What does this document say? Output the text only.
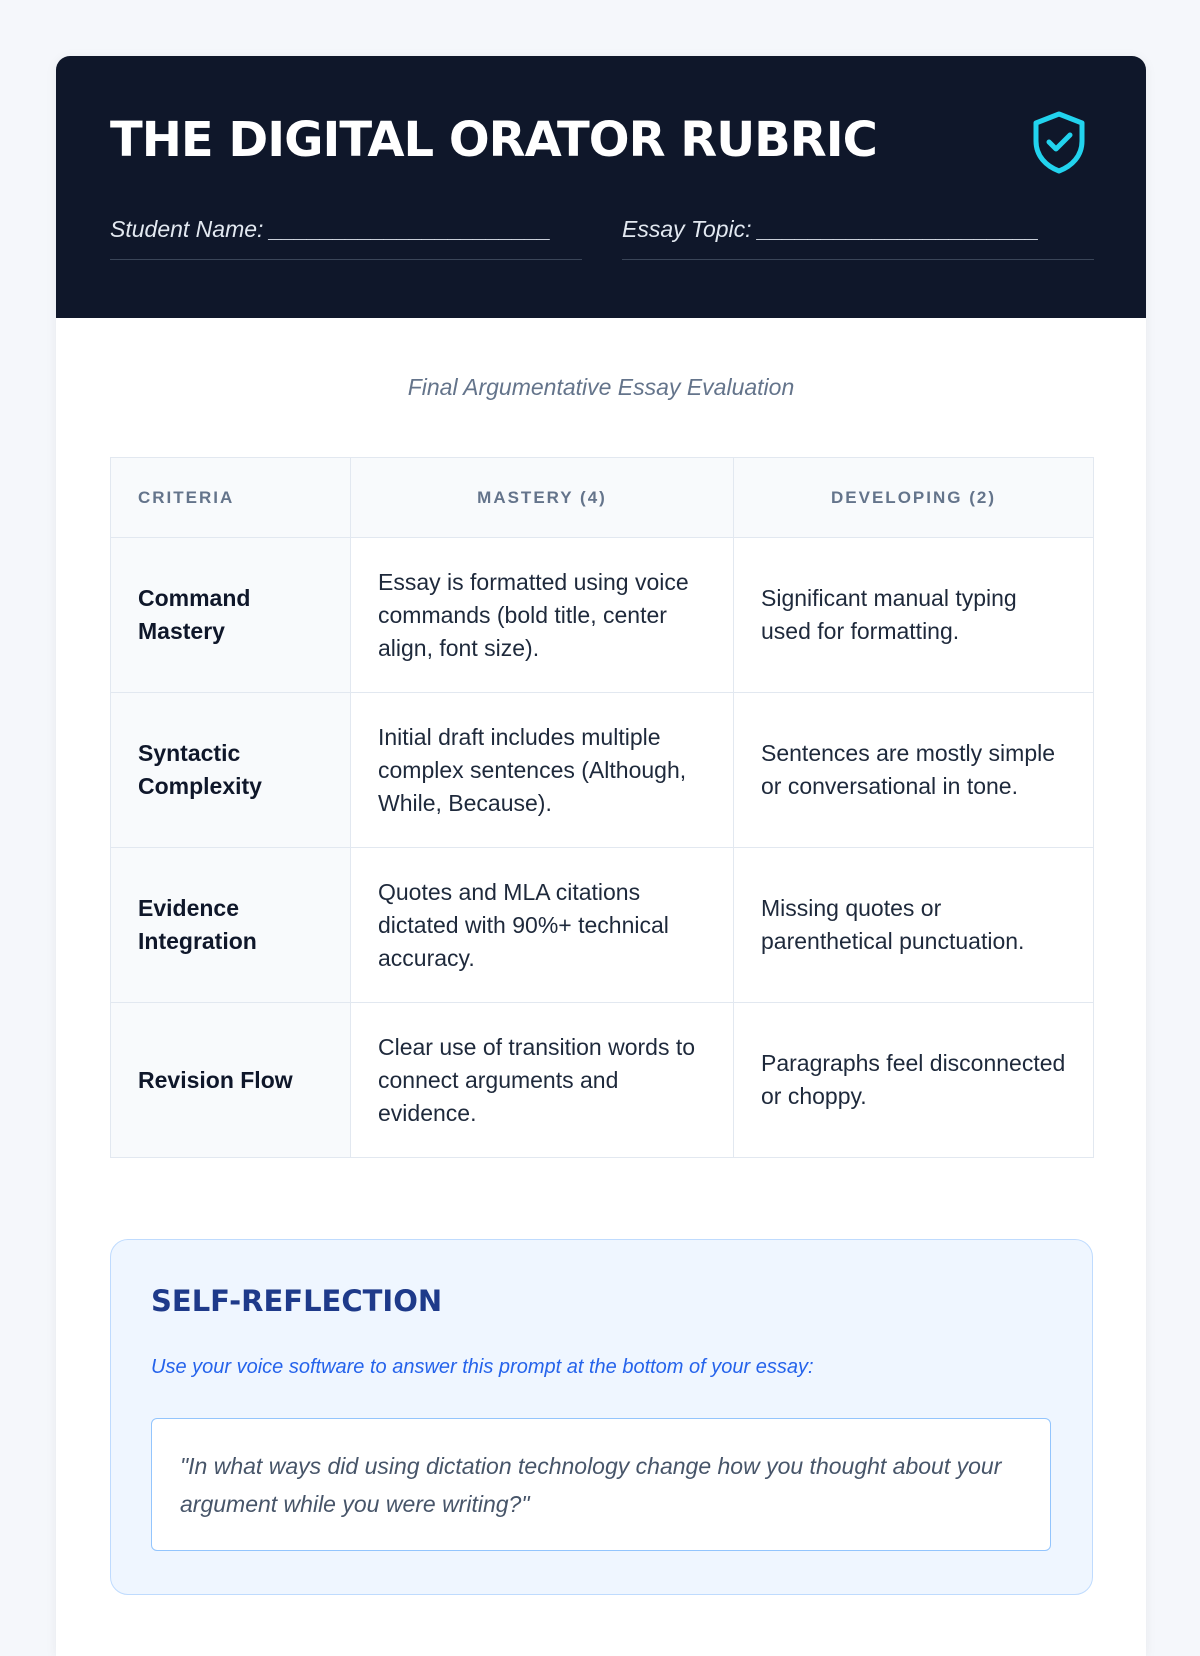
THE DIGITAL ORATOR RUBRIC
Student Name: ______________________	Essay Topic: ______________________
Final Argumentative Essay Evaluation
CRITERIA	MASTERY (4)	DEVELOPING (2)
Command Mastery	Essay is formatted using voice commands (bold title, center align, font size).	Significant manual typing used for formatting.
Syntactic Complexity	Initial draft includes multiple complex sentences (Although, While, Because).	Sentences are mostly simple or conversational in tone.
Evidence Integration	Quotes and MLA citations dictated with 90%+ technical accuracy.	Missing quotes or parenthetical punctuation.
Revision Flow	Clear use of transition words to connect arguments and evidence.	Paragraphs feel disconnected or choppy.
SELF-REFLECTION
Use your voice software to answer this prompt at the bottom of your essay:
"In what ways did using dictation technology change how you thought about your argument while you were writing?"
